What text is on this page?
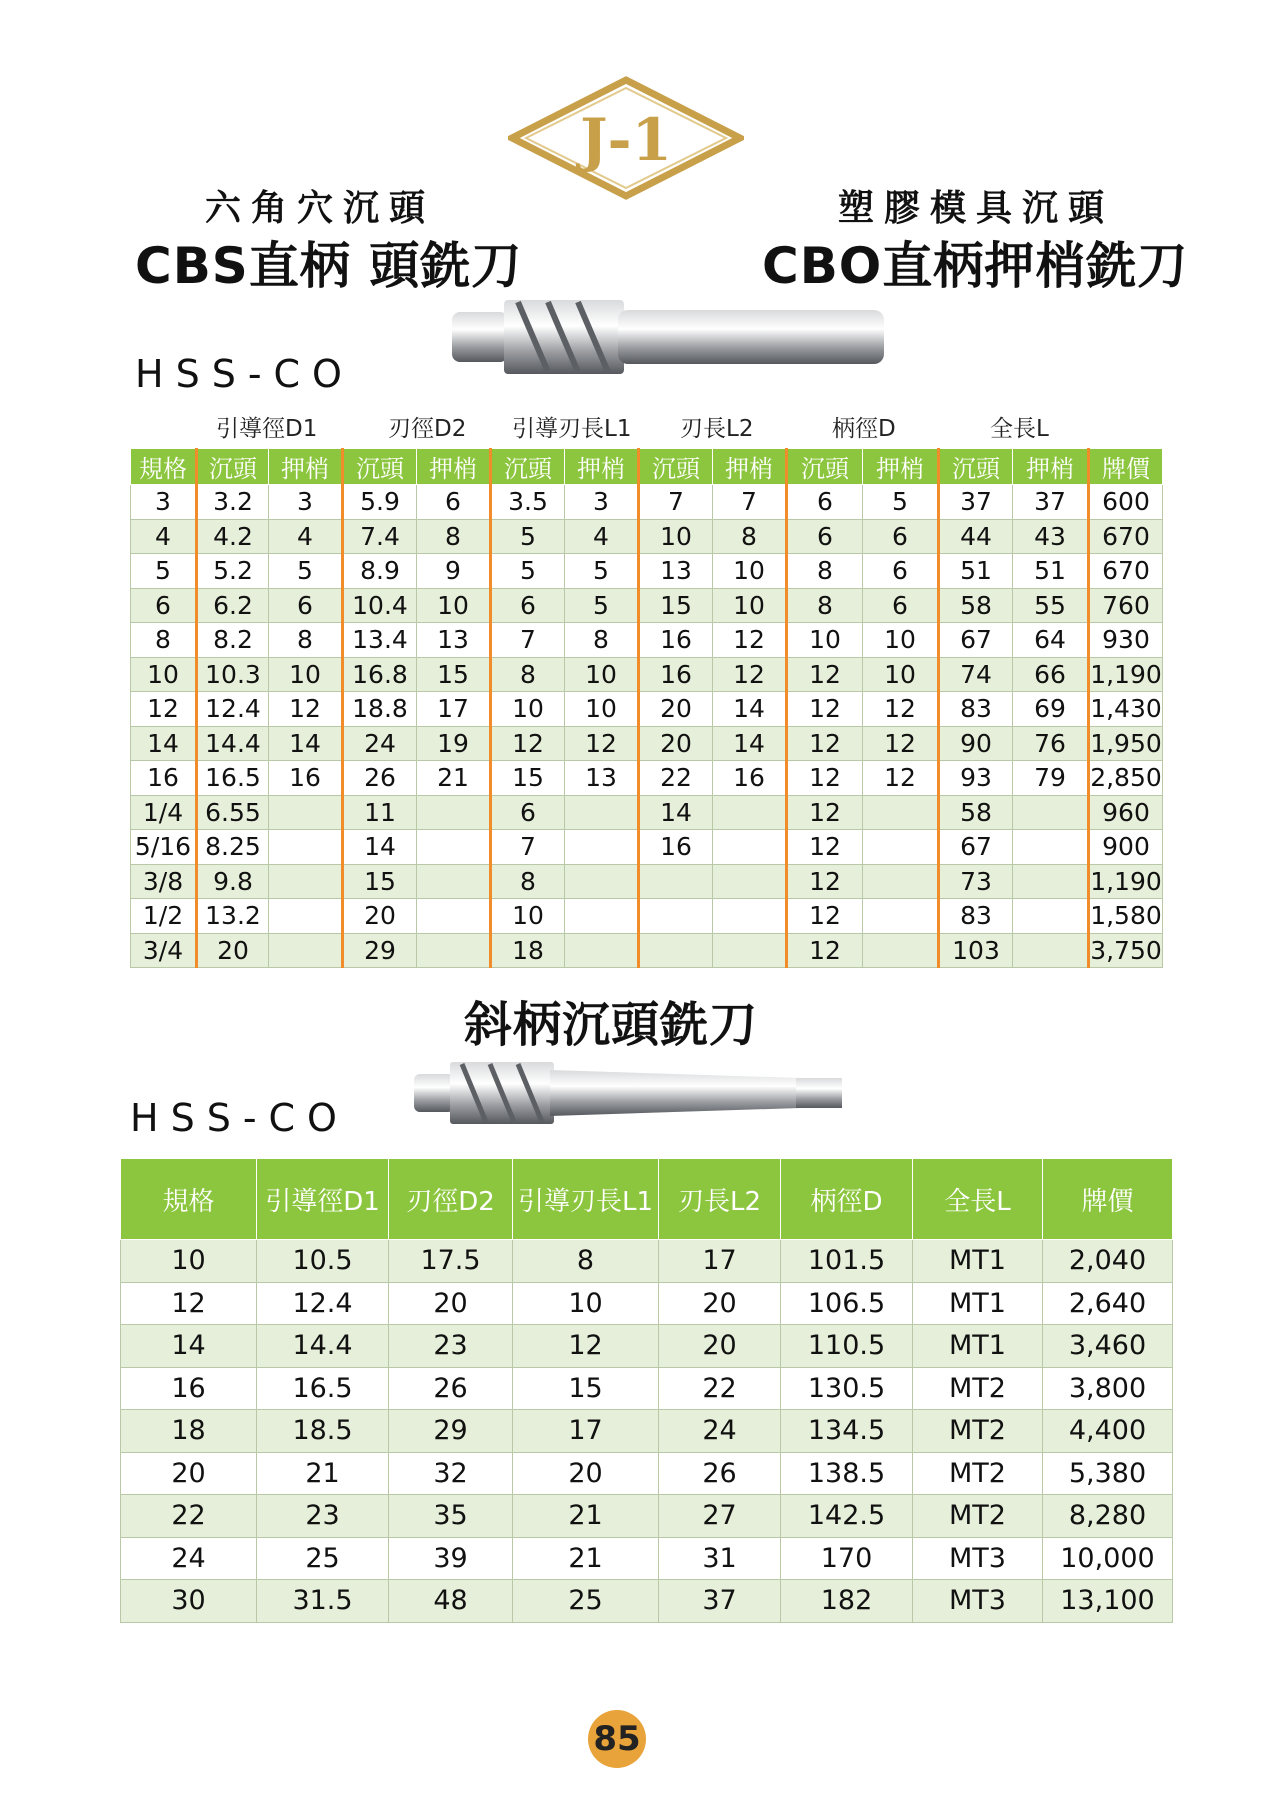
J-1
六角穴沉頭
CBS直柄 頭銑刀
塑膠模具沉頭
CBO直柄押梢銑刀
HSS-CO
引導徑D1	刃徑D2 引導刃長L1 刃長L2	柄徑D	全長L
規格	沉頭	押梢	沉頭	押梢	沉頭	押梢	沉頭	押梢	沉頭	押梢	沉頭	押梢	牌價
3	3.2	3	5.9	6	3.5	3	7	7	6	5	37	37	600
4	4.2	4	7.4	8	5	4	10	8	6	6	44	43	670
5	5.2	5	8.9	9	5	5	13	10	8	6	51	51	670
6	6.2	6	10.4	10	6	5	15	10	8	6	58	55	760
8	8.2	8	13.4	13	7	8	16	12	10	10	67	64	930
10	10.3	10	16.8	15	8	10	16	12	12	10	74	66	1,190
12	12.4	12	18.8	17	10	10	20	14	12	12	83	69	1,430
14	14.4	14	24	19	12	12	20	14	12	12	90	76	1,950
16	16.5	16	26	21	15	13	22	16	12	12	93	79	2,850
1/4	6.55		11		6		14		12		58		960
5/16	8.25		14		7		16		12		67		900
3/8	9.8		15		8				12		73		1,190
1/2	13.2		20		10				12		83		1,580
3/4	20		29		18				12		103		3,750
斜柄沉頭銑刀
HSS-CO
規格	引導徑D1	刃徑D2	引導刃長L1	刃長L2	柄徑D	全長L	牌價
10	10.5	17.5	8	17	101.5	MT1	2,040
12	12.4	20	10	20	106.5	MT1	2,640
14	14.4	23	12	20	110.5	MT1	3,460
16	16.5	26	15	22	130.5	MT2	3,800
18	18.5	29	17	24	134.5	MT2	4,400
20	21	32	20	26	138.5	MT2	5,380
22	23	35	21	27	142.5	MT2	8,280
24	25	39	21	31	170	MT3	10,000
30	31.5	48	25	37	182	MT3	13,100
85
